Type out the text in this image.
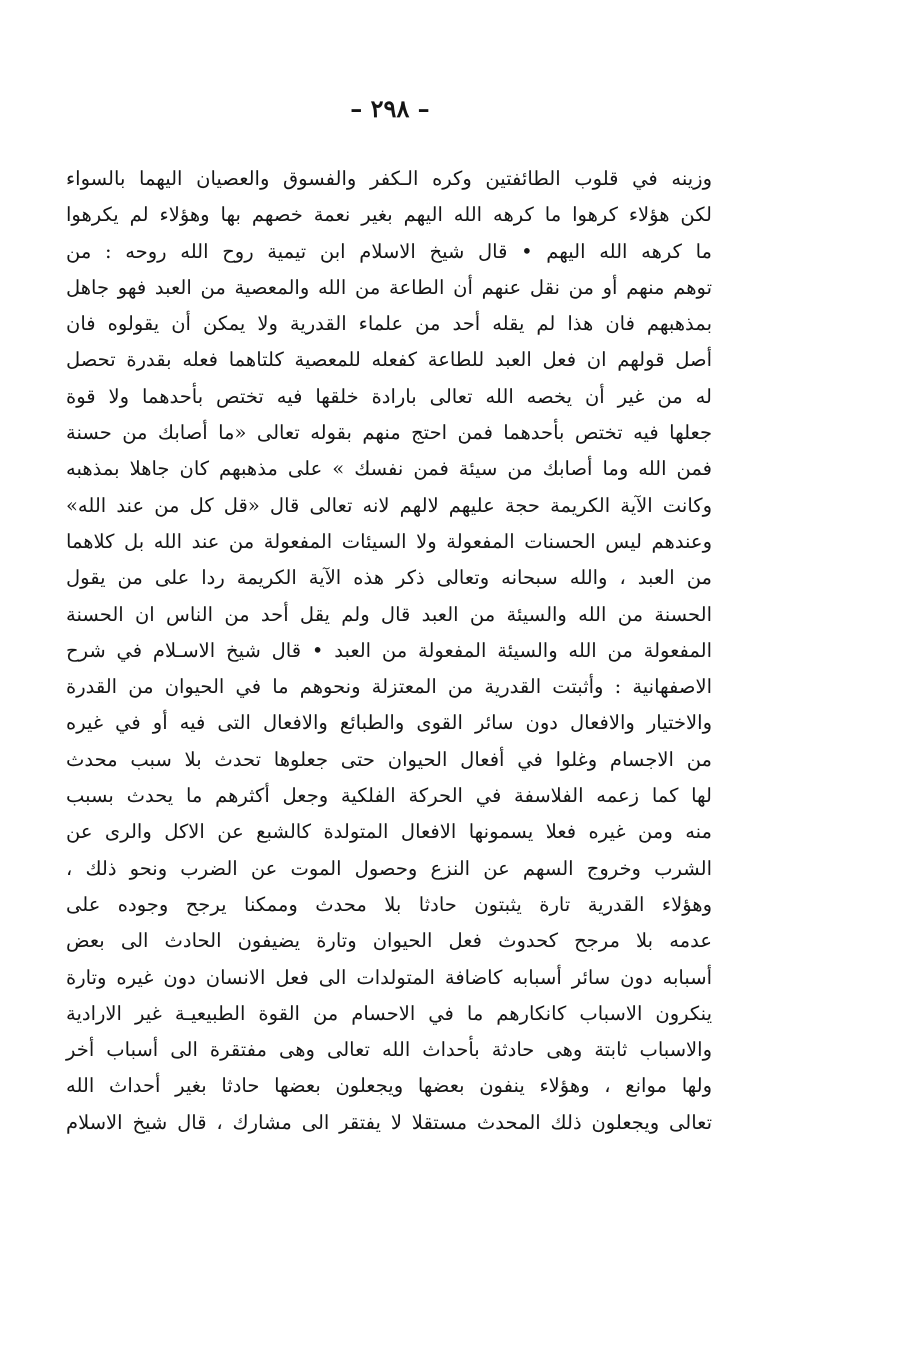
– ٢٩٨ –
وزينه في قلوب الطائفتين وكره الـكفر والفسوق والعصيان اليهما بالسواء
لكن هؤلاء كرهوا ما كرهه الله اليهم بغير نعمة خصهم بها وهؤلاء لم يكرهوا
ما كرهه الله اليهم • قال شيخ الاسلام ابن تيمية روح الله روحه : من
توهم منهم أو من نقل عنهم أن الطاعة من الله والمعصية من العبد فهو جاهل
بمذهبهم فان هذا لم يقله أحد من علماء القدرية ولا يمكن أن يقولوه فان
أصل قولهم ان فعل العبد للطاعة كفعله للمعصية كلتاهما فعله بقدرة تحصل
له من غير أن يخصه الله تعالى بارادة خلقها فيه تختص بأحدهما ولا قوة
جعلها فيه تختص بأحدهما فمن احتج منهم بقوله تعالى «ما أصابك من حسنة
فمن الله وما أصابك من سيئة فمن نفسك » على مذهبهم كان جاهلا بمذهبه
وكانت الآية الكريمة حجة عليهم لالهم لانه تعالى قال «قل كل من عند الله»
وعندهم ليس الحسنات المفعولة ولا السيئات المفعولة من عند الله بل كلاهما
من العبد ، والله سبحانه وتعالى ذكر هذه الآية الكريمة ردا على من يقول
الحسنة من الله والسيئة من العبد قال ولم يقل أحد من الناس ان الحسنة
المفعولة من الله والسيئة المفعولة من العبد • قال شيخ الاسـلام في شرح
الاصفهانية : وأثبتت القدرية من المعتزلة ونحوهم ما في الحيوان من القدرة
والاختيار والافعال دون سائر القوى والطبائع والافعال التى فيه أو في غيره
من الاجسام وغلوا في أفعال الحيوان حتى جعلوها تحدث بلا سبب محدث
لها كما زعمه الفلاسفة في الحركة الفلكية وجعل أكثرهم ما يحدث بسبب
منه ومن غيره فعلا يسمونها الافعال المتولدة كالشبع عن الاكل والرى عن
الشرب وخروج السهم عن النزع وحصول الموت عن الضرب ونحو ذلك ،
وهؤلاء القدرية تارة يثبتون حادثا بلا محدث وممكنا يرجح وجوده على
عدمه بلا مرجح كحدوث فعل الحيوان وتارة يضيفون الحادث الى بعض
أسبابه دون سائر أسبابه كاضافة المتولدات الى فعل الانسان دون غيره وتارة
ينكرون الاسباب كانكارهم ما في الاحسام من القوة الطبيعيـة غير الارادية
والاسباب ثابتة وهى حادثة بأحداث الله تعالى وهى مفتقرة الى أسباب أخر
ولها موانع ، وهؤلاء ينفون بعضها ويجعلون بعضها حادثا بغير أحداث الله
تعالى ويجعلون ذلك المحدث مستقلا لا يفتقر الى مشارك ، قال شيخ الاسلام
